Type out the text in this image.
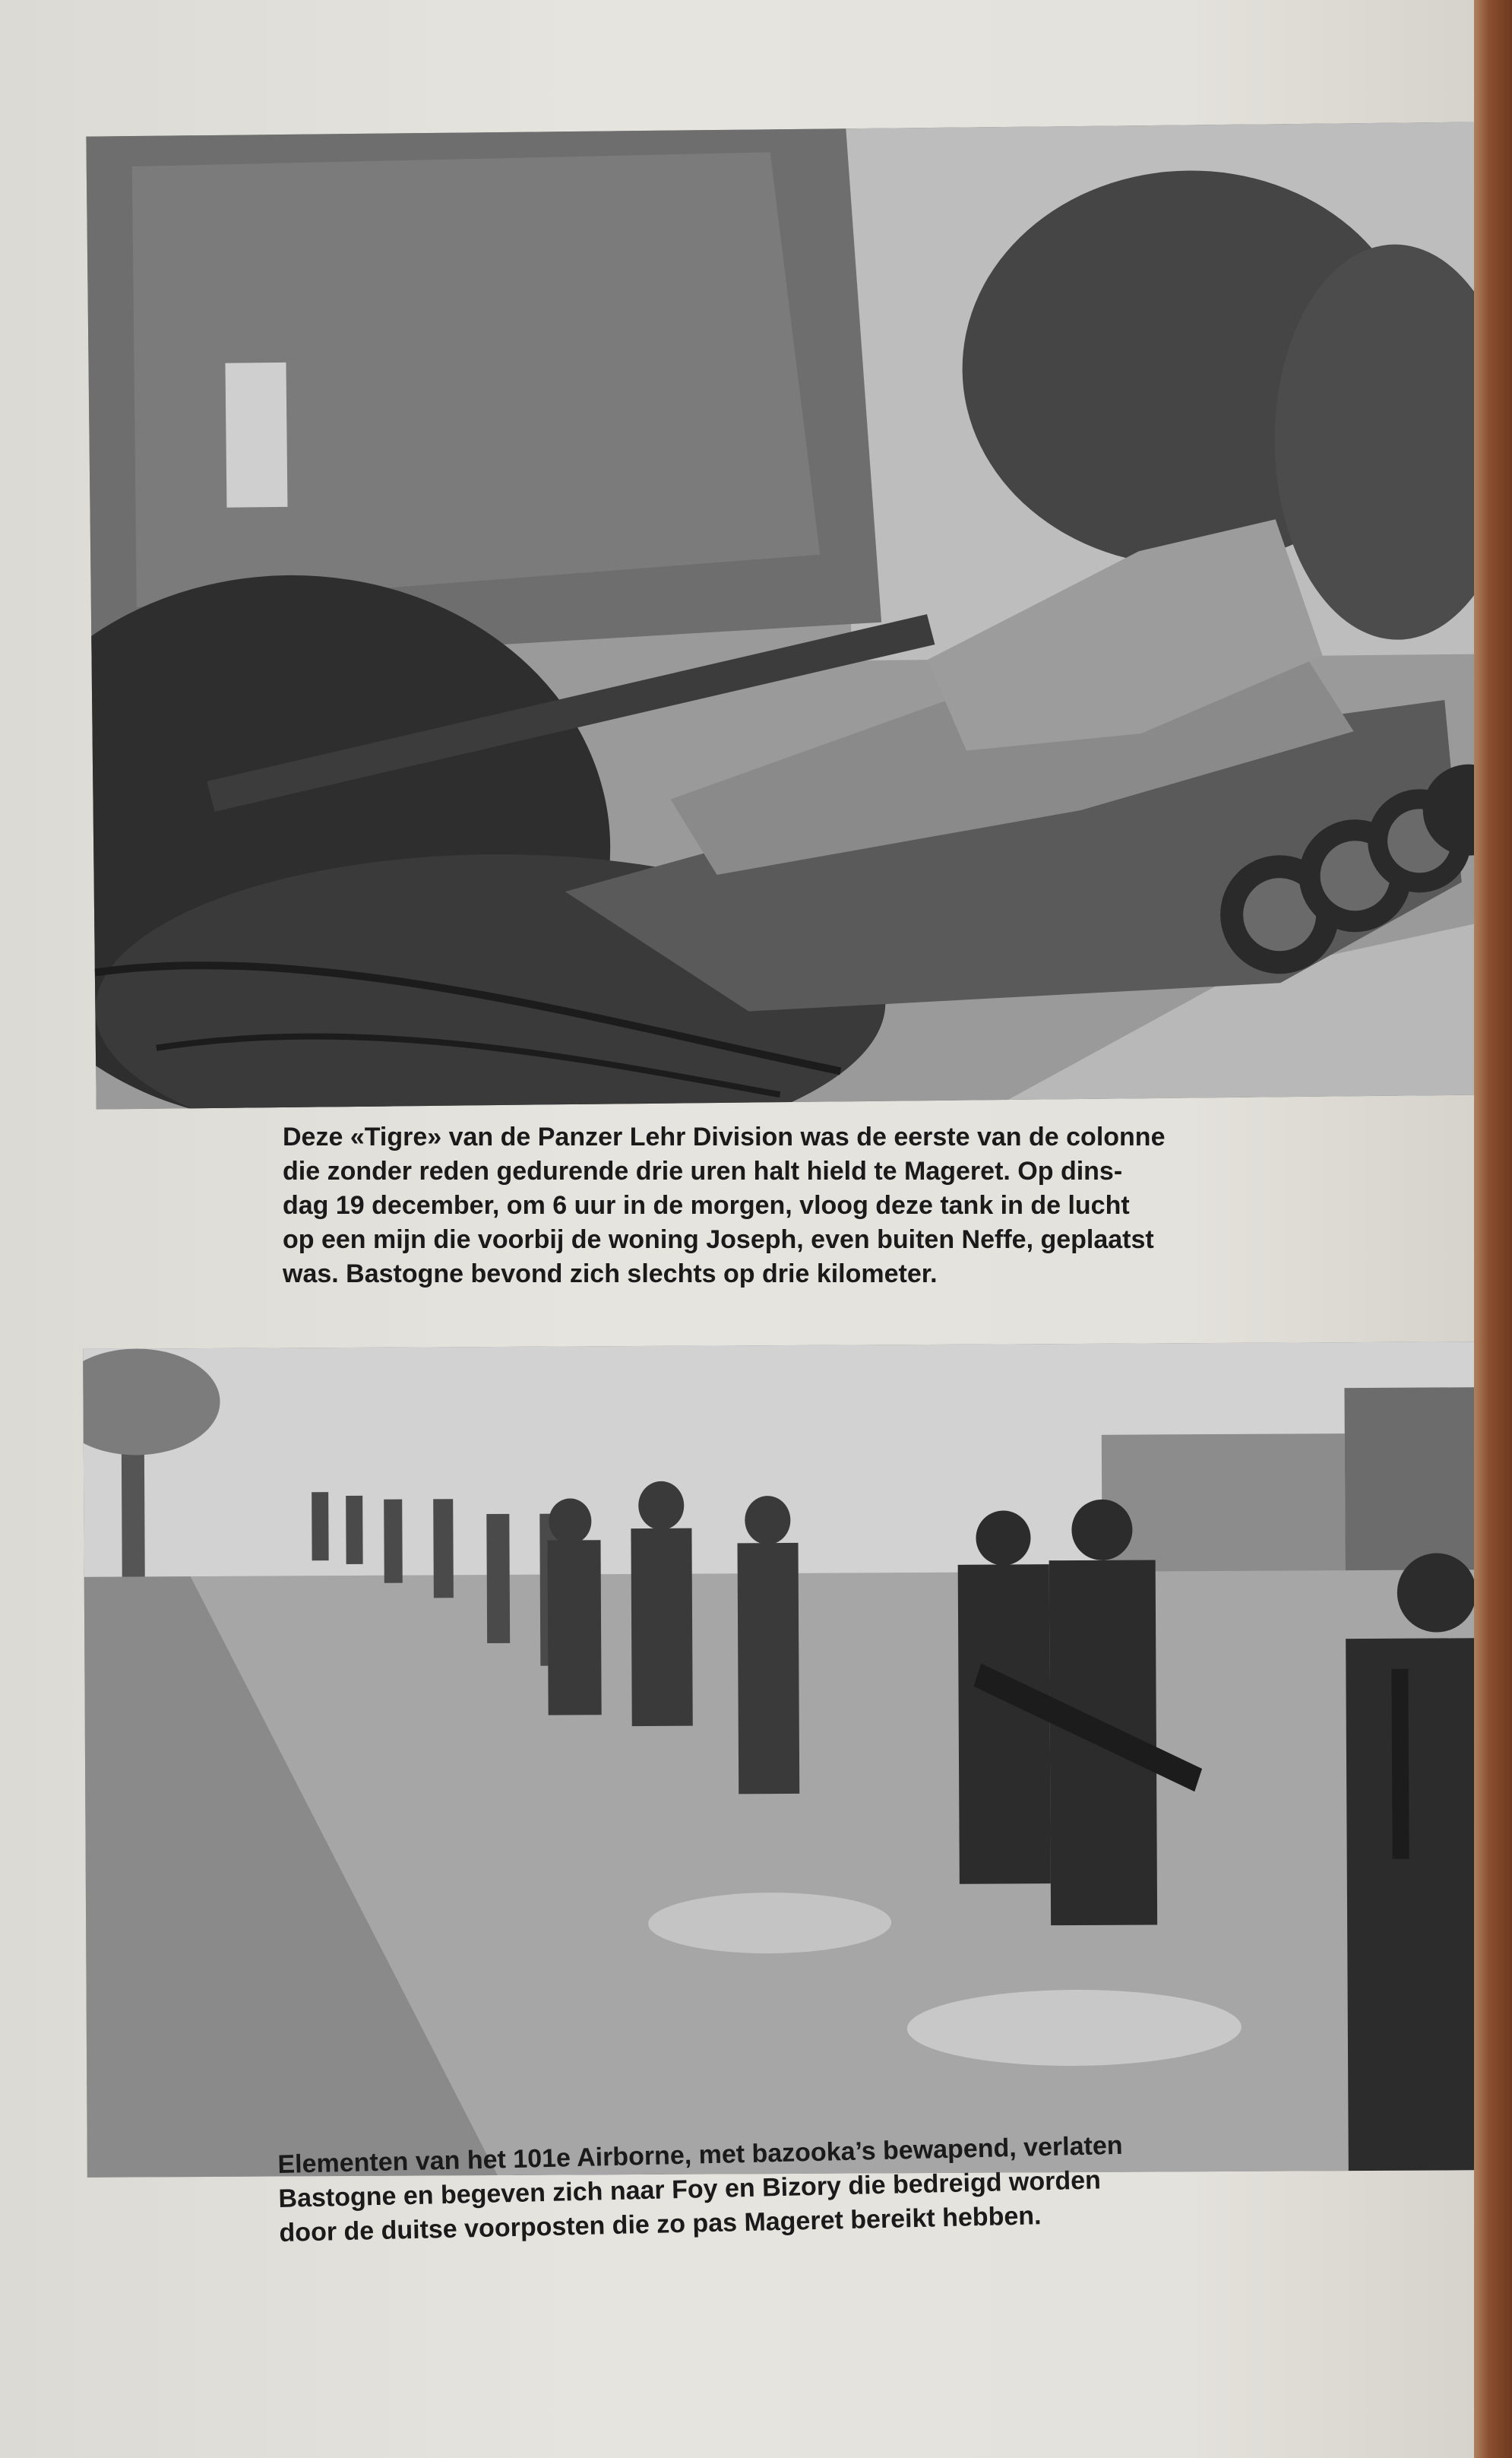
Deze «Tigre» van de Panzer Lehr Division was de eerste van de colonne
die zonder reden gedurende drie uren halt hield te Mageret. Op dins-
dag 19 december, om 6 uur in de morgen, vloog deze tank in de lucht
op een mijn die voorbij de woning Joseph, even buiten Neffe, geplaatst
was. Bastogne bevond zich slechts op drie kilometer.

Elementen van het 101e Airborne, met bazooka’s bewapend, verlaten
Bastogne en begeven zich naar Foy en Bizory die bedreigd worden
door de duitse voorposten die zo pas Mageret bereikt hebben.
